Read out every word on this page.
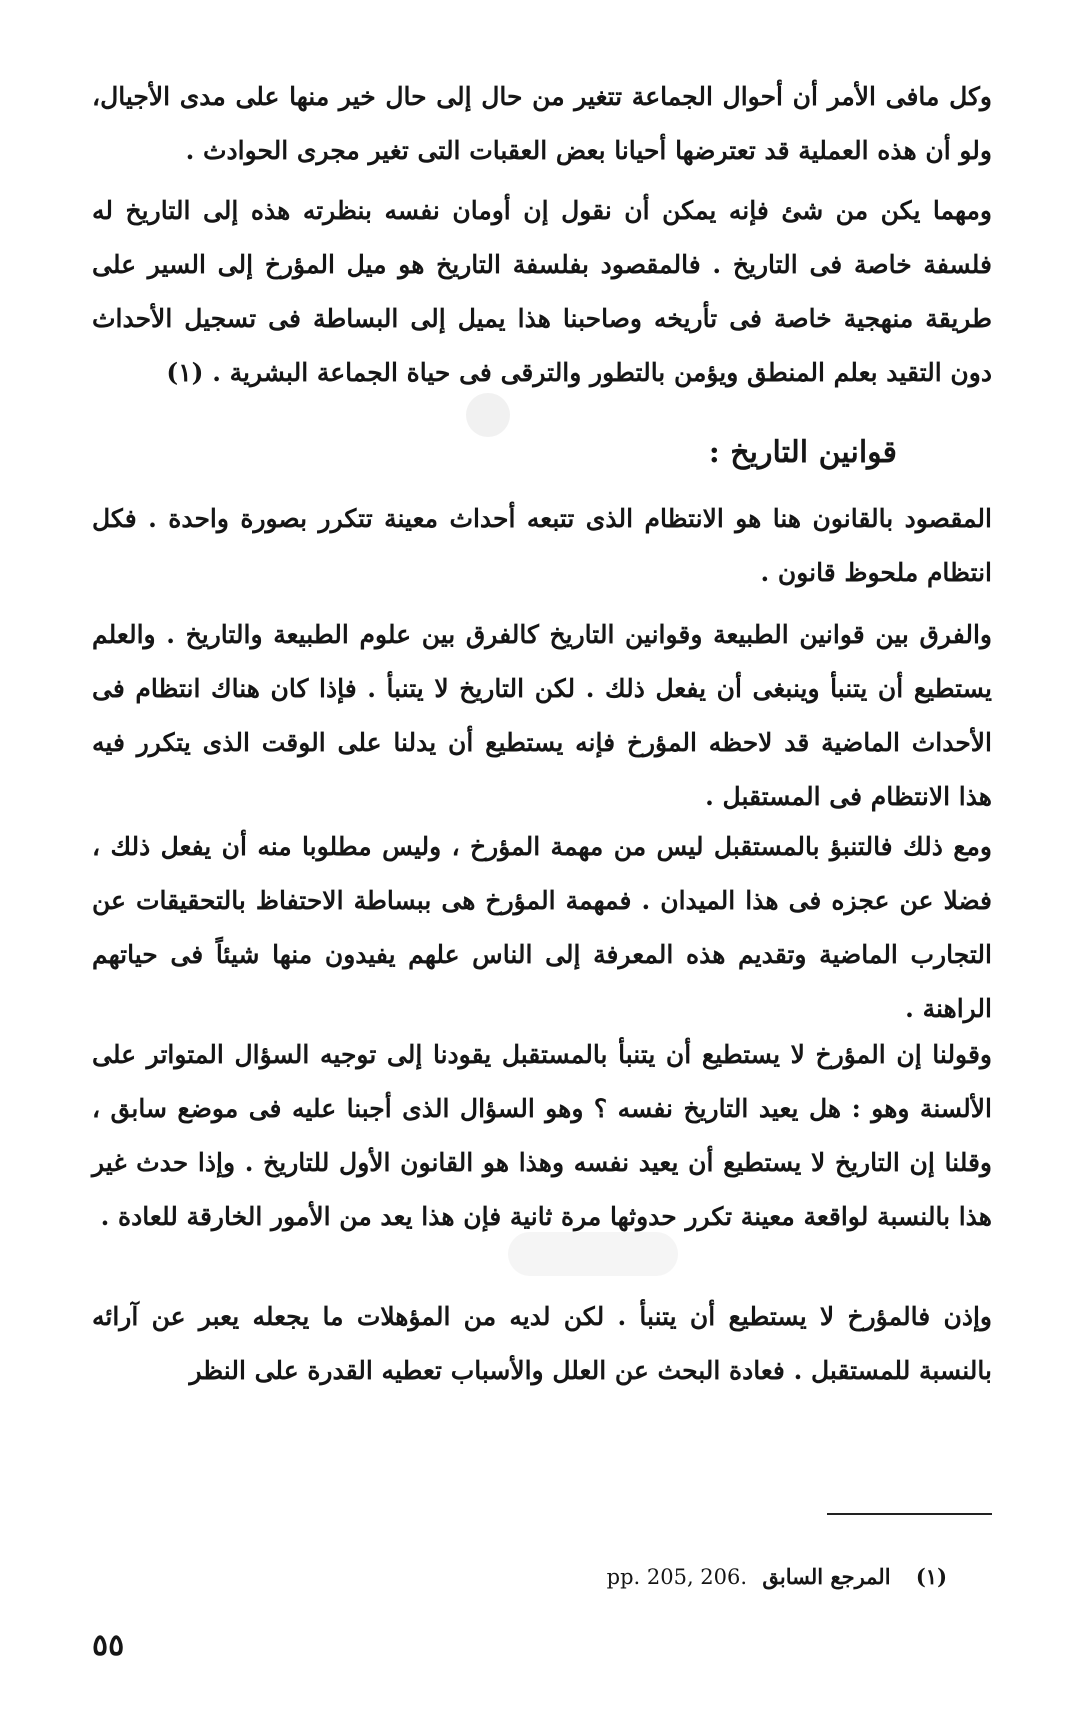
وكل مافى الأمر أن أحوال الجماعة تتغير من حال إلى حال خير منها على مدى الأجيال، ولو أن هذه العملية قد تعترضها أحيانا بعض العقبات التى تغير مجرى الحوادث .

ومهما يكن من شئ فإنه يمكن أن نقول إن أومان نفسه بنظرته هذه إلى التاريخ له فلسفة خاصة فى التاريخ . فالمقصود بفلسفة التاريخ هو ميل المؤرخ إلى السير على طريقة منهجية خاصة فى تأريخه وصاحبنا هذا يميل إلى البساطة فى تسجيل الأحداث دون التقيد بعلم المنطق ويؤمن بالتطور والترقى فى حياة الجماعة البشرية . (١)

قوانين التاريخ :

المقصود بالقانون هنا هو الانتظام الذى تتبعه أحداث معينة تتكرر بصورة واحدة . فكل انتظام ملحوظ قانون .

والفرق بين قوانين الطبيعة وقوانين التاريخ كالفرق بين علوم الطبيعة والتاريخ . والعلم يستطيع أن يتنبأ وينبغى أن يفعل ذلك . لكن التاريخ لا يتنبأ . فإذا كان هناك انتظام فى الأحداث الماضية قد لاحظه المؤرخ فإنه يستطيع أن يدلنا على الوقت الذى يتكرر فيه هذا الانتظام فى المستقبل .

ومع ذلك فالتنبؤ بالمستقبل ليس من مهمة المؤرخ ، وليس مطلوبا منه أن يفعل ذلك ، فضلا عن عجزه فى هذا الميدان . فمهمة المؤرخ هى ببساطة الاحتفاظ بالتحقيقات عن التجارب الماضية وتقديم هذه المعرفة إلى الناس علهم يفيدون منها شيئاً فى حياتهم الراهنة .

وقولنا إن المؤرخ لا يستطيع أن يتنبأ بالمستقبل يقودنا إلى توجيه السؤال المتواتر على الألسنة وهو : هل يعيد التاريخ نفسه ؟ وهو السؤال الذى أجبنا عليه فى موضع سابق ، وقلنا إن التاريخ لا يستطيع أن يعيد نفسه وهذا هو القانون الأول للتاريخ . وإذا حدث غير هذا بالنسبة لواقعة معينة تكرر حدوثها مرة ثانية فإن هذا يعد من الأمور الخارقة للعادة .

وإذن فالمؤرخ لا يستطيع أن يتنبأ . لكن لديه من المؤهلات ما يجعله يعبر عن آرائه بالنسبة للمستقبل . فعادة البحث عن العلل والأسباب تعطيه القدرة على النظر

(١) المرجع السابق pp. 205, 206.
٥٥
